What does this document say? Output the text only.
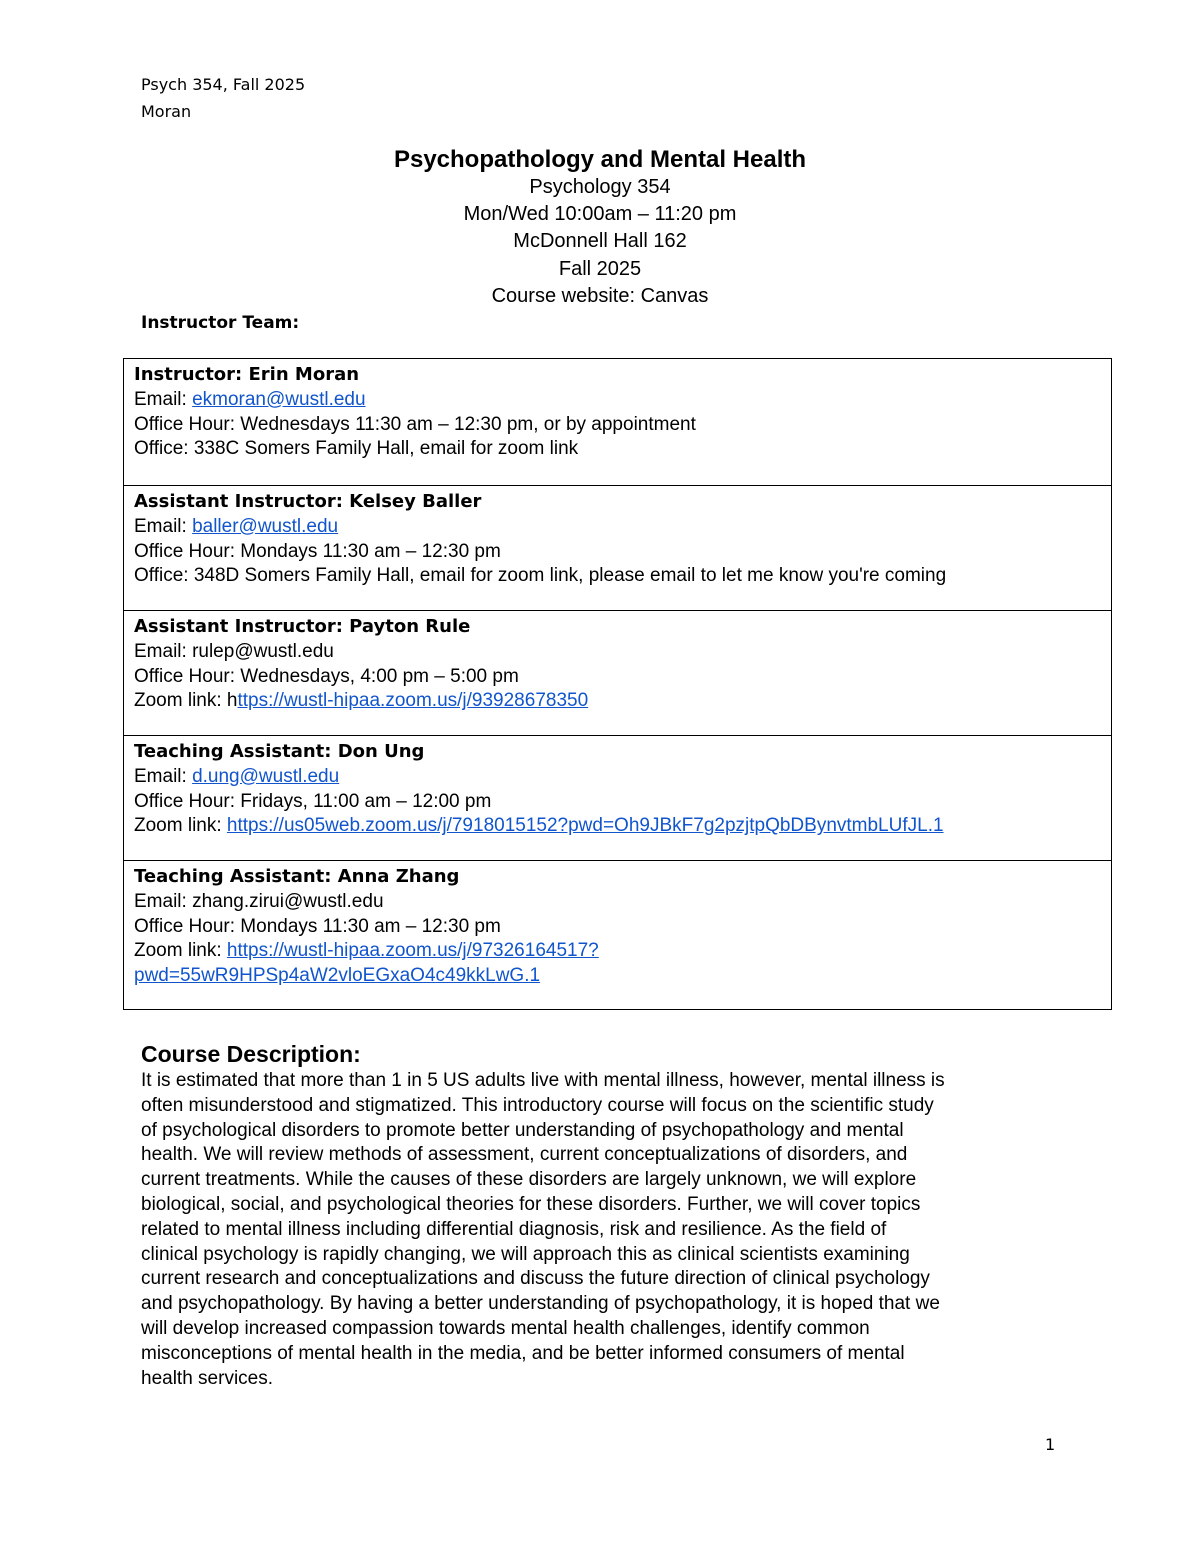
Psych 354, Fall 2025
Moran

Psychopathology and Mental Health

Psychology 354

Mon/Wed 10:00am – 11:20 pm

McDonnell Hall 162

Fall 2025

Course website: Canvas

Instructor Team:
Instructor: Erin Moran
Email: ekmoran@wustl.edu
Office Hour: Wednesdays 11:30 am – 12:30 pm, or by appointment
Office: 338C Somers Family Hall, email for zoom link
Assistant Instructor: Kelsey Baller
Email: baller@wustl.edu
Office Hour: Mondays 11:30 am – 12:30 pm
Office: 348D Somers Family Hall, email for zoom link, please email to let me know you're coming
Assistant Instructor: Payton Rule
Email: rulep@wustl.edu
Office Hour: Wednesdays, 4:00 pm – 5:00 pm
Zoom link: https://wustl-hipaa.zoom.us/j/93928678350
Teaching Assistant: Don Ung
Email: d.ung@wustl.edu
Office Hour: Fridays, 11:00 am – 12:00 pm
Zoom link: https://us05web.zoom.us/j/7918015152?pwd=Oh9JBkF7g2pzjtpQbDBynvtmbLUfJL.1
Teaching Assistant: Anna Zhang
Email: zhang.zirui@wustl.edu
Office Hour: Mondays 11:30 am – 12:30 pm
Zoom link: https://wustl-hipaa.zoom.us/j/97326164517?
pwd=55wR9HPSp4aW2vloEGxaO4c49kkLwG.1
Course Description:
It is estimated that more than 1 in 5 US adults live with mental illness, however, mental illness is
often misunderstood and stigmatized. This introductory course will focus on the scientific study
of psychological disorders to promote better understanding of psychopathology and mental
health. We will review methods of assessment, current conceptualizations of disorders, and
current treatments. While the causes of these disorders are largely unknown, we will explore
biological, social, and psychological theories for these disorders. Further, we will cover topics
related to mental illness including differential diagnosis, risk and resilience. As the field of
clinical psychology is rapidly changing, we will approach this as clinical scientists examining
current research and conceptualizations and discuss the future direction of clinical psychology
and psychopathology. By having a better understanding of psychopathology, it is hoped that we
will develop increased compassion towards mental health challenges, identify common
misconceptions of mental health in the media, and be better informed consumers of mental
health services.
1
